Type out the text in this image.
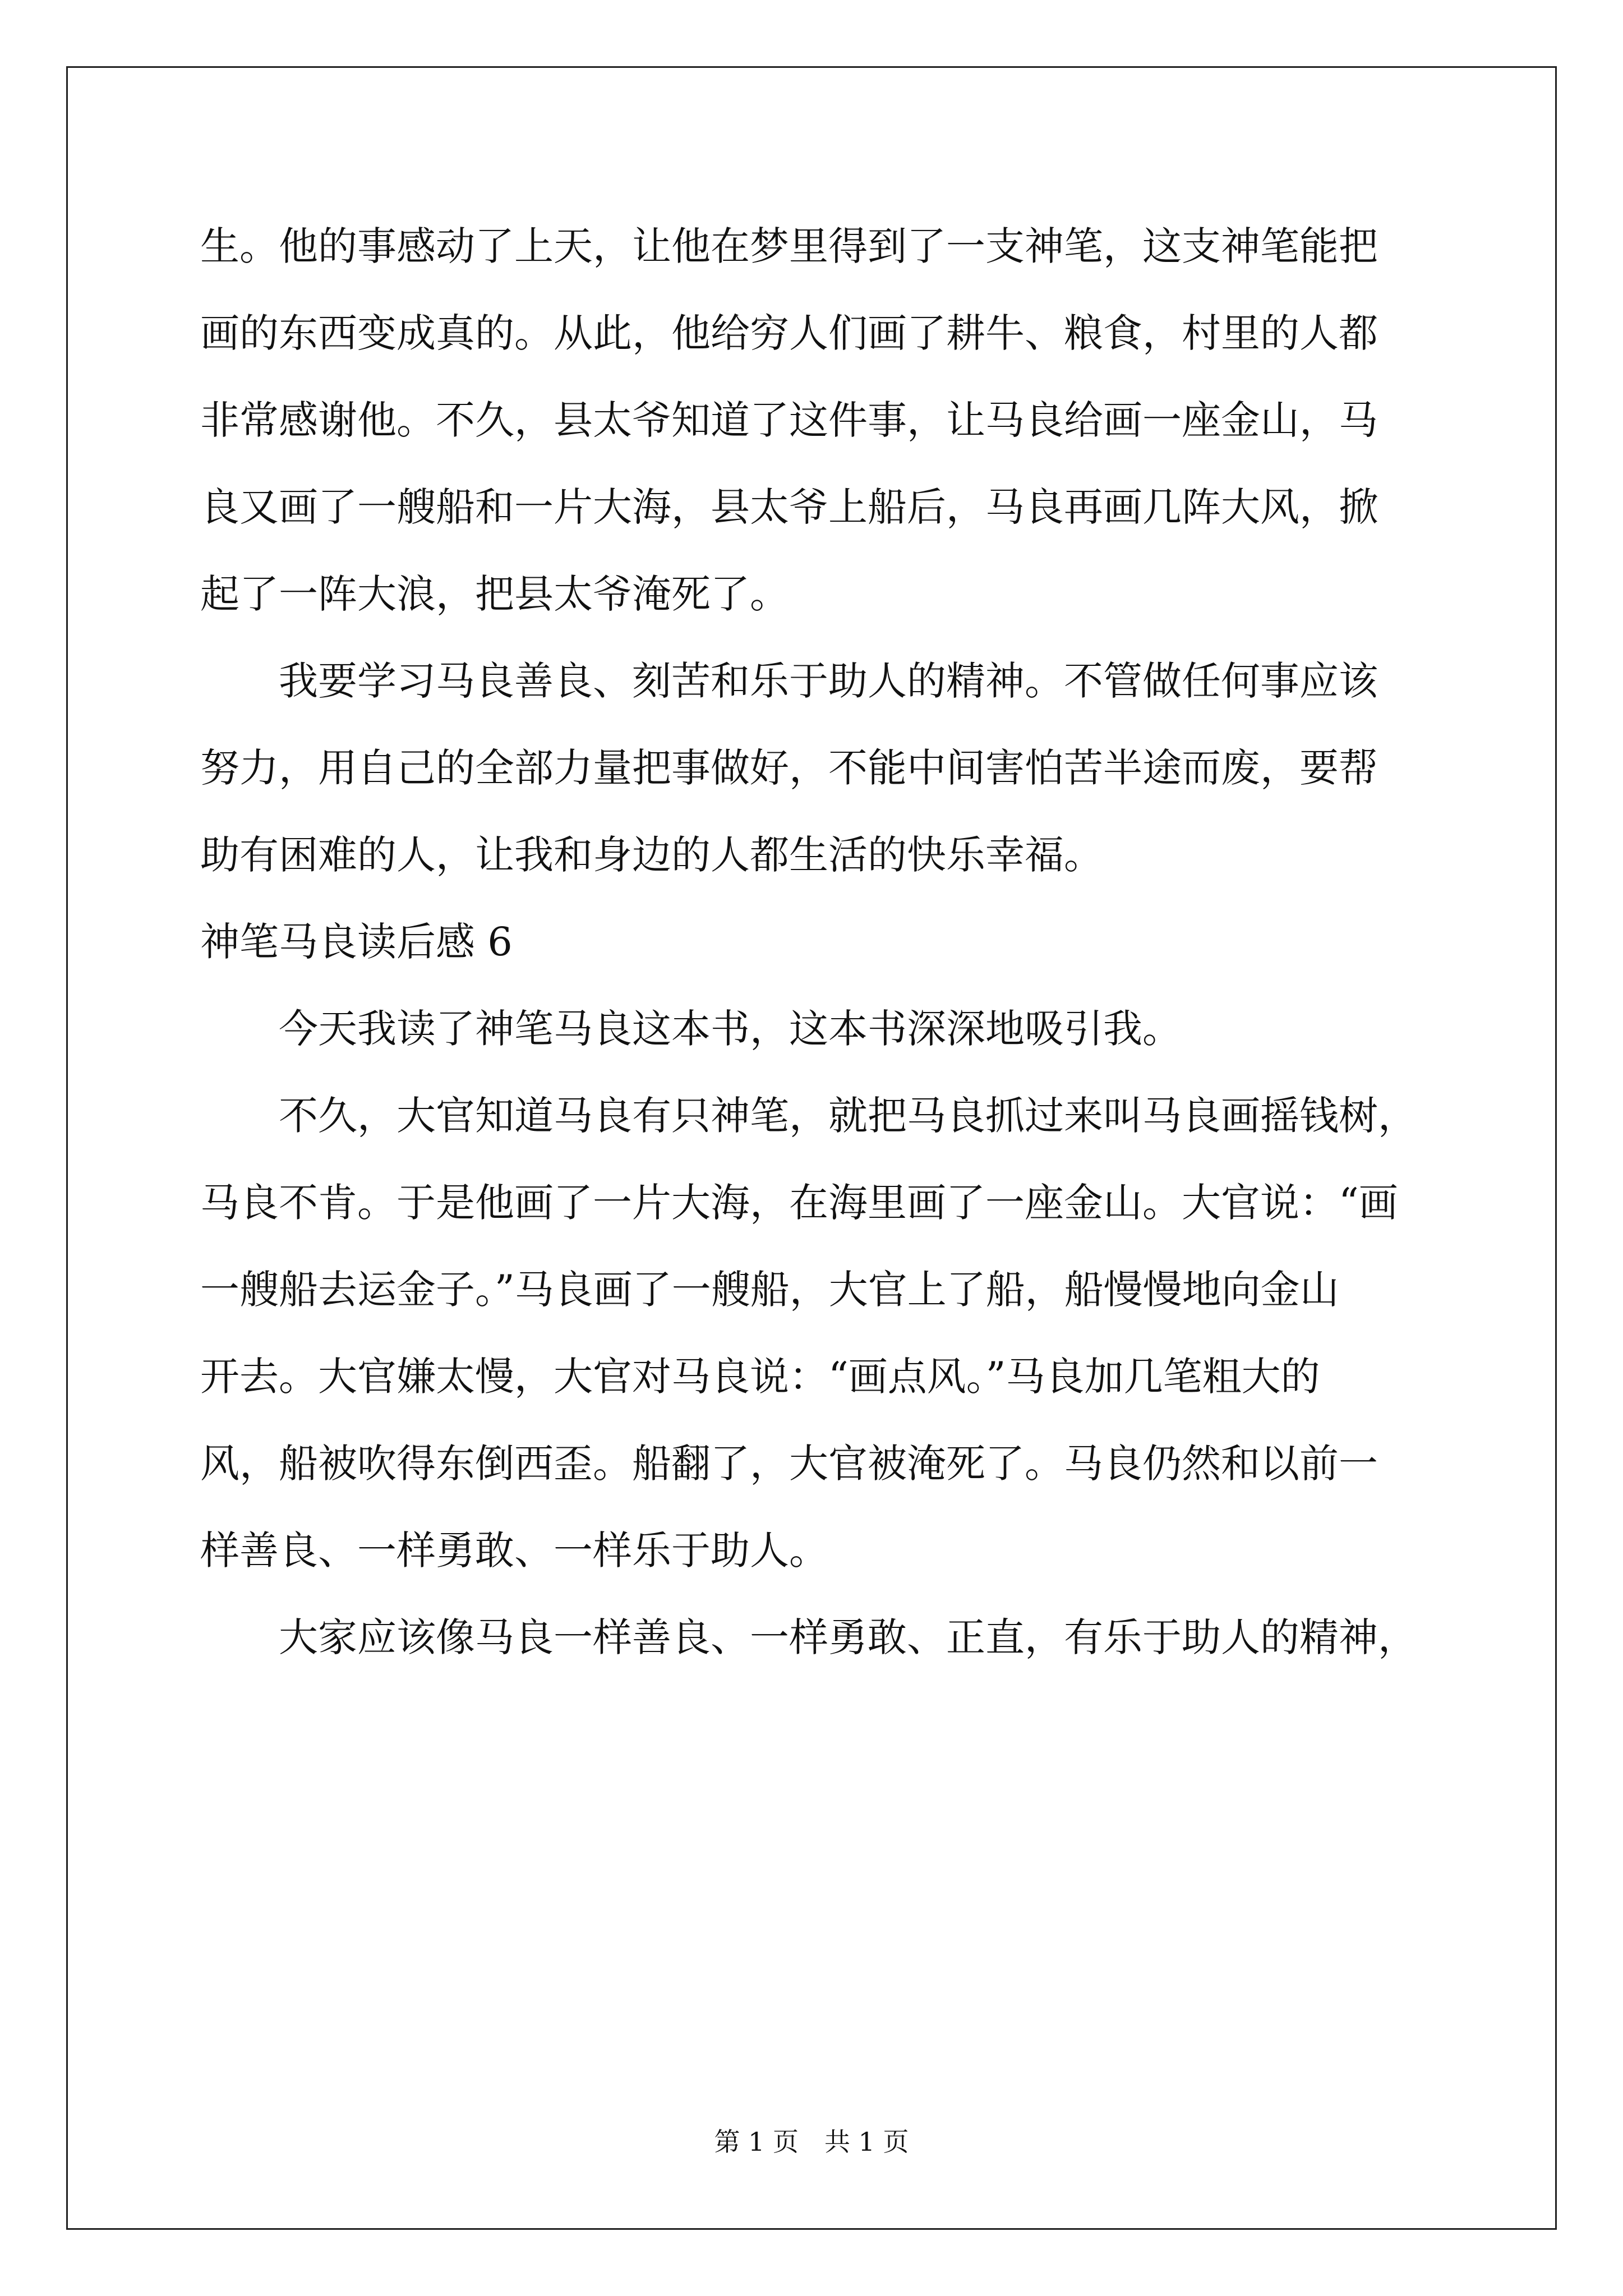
生。他的事感动了上天，让他在梦里得到了一支神笔，这支神笔能把
画的东西变成真的。从此，他给穷人们画了耕牛、粮食，村里的人都
非常感谢他。不久，县太爷知道了这件事，让马良给画一座金山，马
良又画了一艘船和一片大海，县太爷上船后，马良再画几阵大风，掀
起了一阵大浪，把县太爷淹死了。
　　我要学习马良善良、刻苦和乐于助人的精神。不管做任何事应该
努力，用自己的全部力量把事做好，不能中间害怕苦半途而废，要帮
助有困难的人，让我和身边的人都生活的快乐幸福。
神笔马良读后感 6
　　今天我读了神笔马良这本书，这本书深深地吸引我。
　　不久，大官知道马良有只神笔，就把马良抓过来叫马良画摇钱树，
马良不肯。于是他画了一片大海，在海里画了一座金山。大官说：“画
一艘船去运金子。”马良画了一艘船，大官上了船，船慢慢地向金山
开去。大官嫌太慢，大官对马良说：“画点风。”马良加几笔粗大的
风，船被吹得东倒西歪。船翻了，大官被淹死了。马良仍然和以前一
样善良、一样勇敢、一样乐于助人。
　　大家应该像马良一样善良、一样勇敢、正直，有乐于助人的精神，
第 1 页　共 1 页
